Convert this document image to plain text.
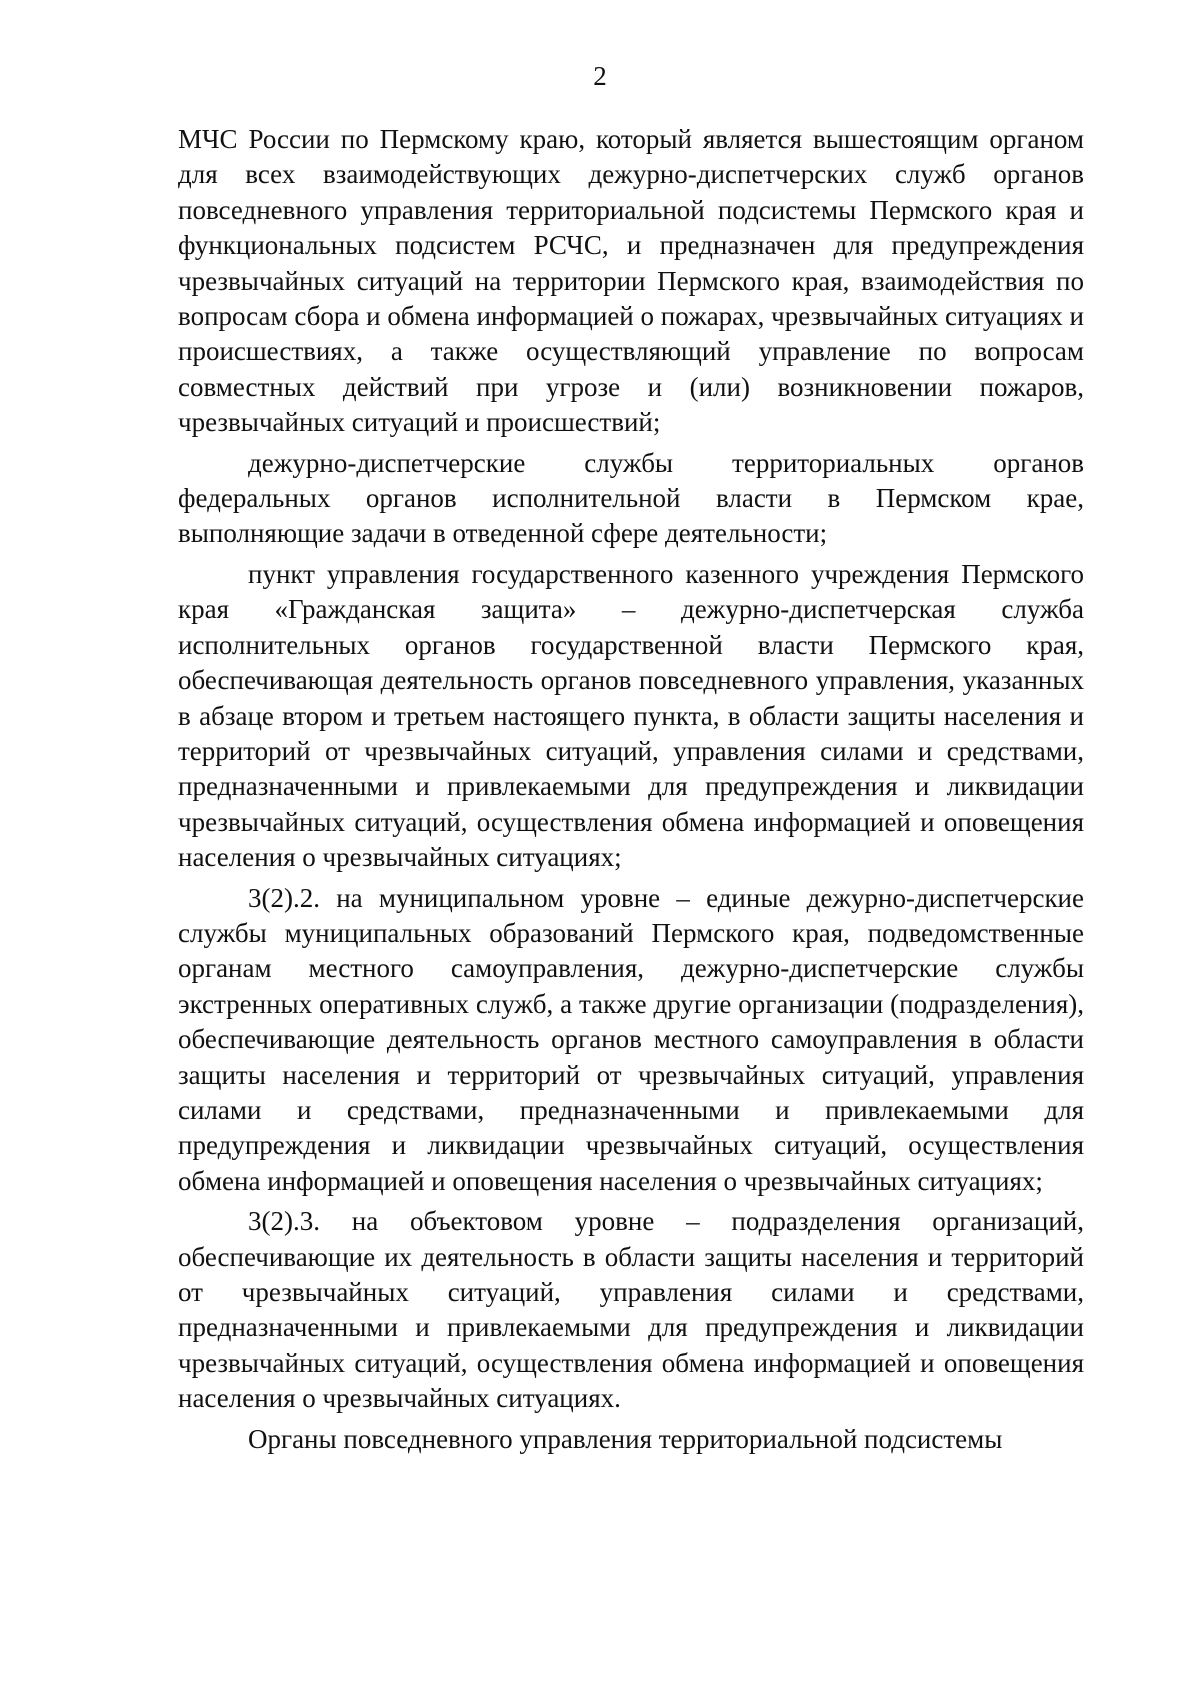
2

МЧС России по Пермскому краю, который является вышестоящим органом для всех взаимодействующих дежурно-диспетчерских служб органов повседневного управления территориальной подсистемы Пермского края и функциональных подсистем РСЧС, и предназначен для предупреждения чрезвычайных ситуаций на территории Пермского края, взаимодействия по вопросам сбора и обмена информацией о пожарах, чрезвычайных ситуациях и происшествиях, а также осуществляющий управление по вопросам совместных действий при угрозе и (или) возникновении пожаров, чрезвычайных ситуаций и происшествий;

дежурно-диспетчерские службы территориальных органов федеральных органов исполнительной власти в Пермском крае, выполняющие задачи в отведенной сфере деятельности;

пункт управления государственного казенного учреждения Пермского края «Гражданская защита» – дежурно-диспетчерская служба исполнительных органов государственной власти Пермского края, обеспечивающая деятельность органов повседневного управления, указанных в абзаце втором и третьем настоящего пункта, в области защиты населения и территорий от чрезвычайных ситуаций, управления силами и средствами, предназначенными и привлекаемыми для предупреждения и ликвидации чрезвычайных ситуаций, осуществления обмена информацией и оповещения населения о чрезвычайных ситуациях;

3(2).2. на муниципальном уровне – единые дежурно-диспетчерские службы муниципальных образований Пермского края, подведомственные органам местного самоуправления, дежурно-диспетчерские службы экстренных оперативных служб, а также другие организации (подразделения), обеспечивающие деятельность органов местного самоуправления в области защиты населения и территорий от чрезвычайных ситуаций, управления силами и средствами, предназначенными и привлекаемыми для предупреждения и ликвидации чрезвычайных ситуаций, осуществления обмена информацией и оповещения населения о чрезвычайных ситуациях;

3(2).3. на объектовом уровне – подразделения организаций, обеспечивающие их деятельность в области защиты населения и территорий от чрезвычайных ситуаций, управления силами и средствами, предназначенными и привлекаемыми для предупреждения и ликвидации чрезвычайных ситуаций, осуществления обмена информацией и оповещения населения о чрезвычайных ситуациях.

Органы повседневного управления территориальной подсистемы
